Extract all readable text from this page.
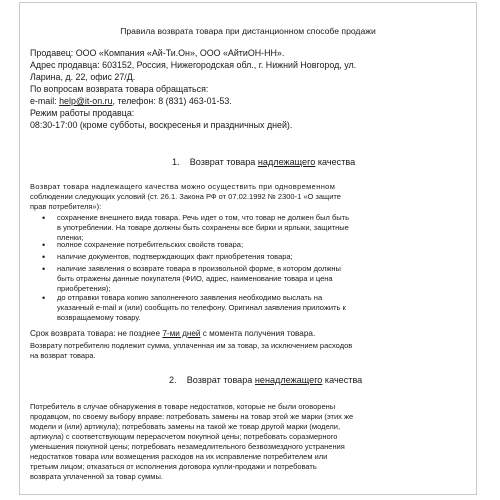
Правила возврата товара при дистанционном способе продажи

Продавец: ООО «Компания «Ай-Ти.Он», ООО «АйтиОН-НН».

Адрес продавца: 603152, Россия, Нижегородская обл., г. Нижний Новгород, ул.

Ларина, д. 22, офис 27/Д.

По вопросам возврата товара обращаться:

e-mail: help@it-on.ru, телефон: 8 (831) 463-01-53.

Режим работы продавца:

08:30-17:00 (кроме субботы, воскресенья и праздничных дней).

1. Возврат товара надлежащего качества

Возврат товара надлежащего качества можно осуществить при одновременном

соблюдении следующих условий (ст. 26.1. Закона РФ от 07.02.1992 № 2300-1 «О защите

прав потребителя»):

• сохранение внешнего вида товара. Речь идет о том, что товар не должен был быть

в употреблении. На товаре должны быть сохранены все бирки и ярлыки, защитные

пленки;

• полное сохранение потребительских свойств товара;

• наличие документов, подтверждающих факт приобретения товара;

• наличие заявления о возврате товара в произвольной форме, в котором должны

быть отражены данные покупателя (ФИО, адрес, наименование товара и цена

приобретения);

• до отправки товара копию заполненного заявления необходимо выслать на

указанный e-mail и (или) сообщить по телефону. Оригинал заявления приложить к

возвращаемому товару.

Срок возврата товара: не позднее 7-ми дней с момента получения товара.

Возврату потребителю подлежит сумма, уплаченная им за товар, за исключением расходов

на возврат товара.

2. Возврат товара ненадлежащего качества

Потребитель в случае обнаружения в товаре недостатков, которые не были оговорены

продавцом, по своему выбору вправе: потребовать замены на товар этой же марки (этих же

модели и (или) артикула); потребовать замены на такой же товар другой марки (модели,

артикула) с соответствующим перерасчетом покупной цены; потребовать соразмерного

уменьшения покупной цены; потребовать незамедлительного безвозмездного устранения

недостатков товара или возмещения расходов на их исправление потребителем или

третьим лицом; отказаться от исполнения договора купли-продажи и потребовать

возврата уплаченной за товар суммы.
